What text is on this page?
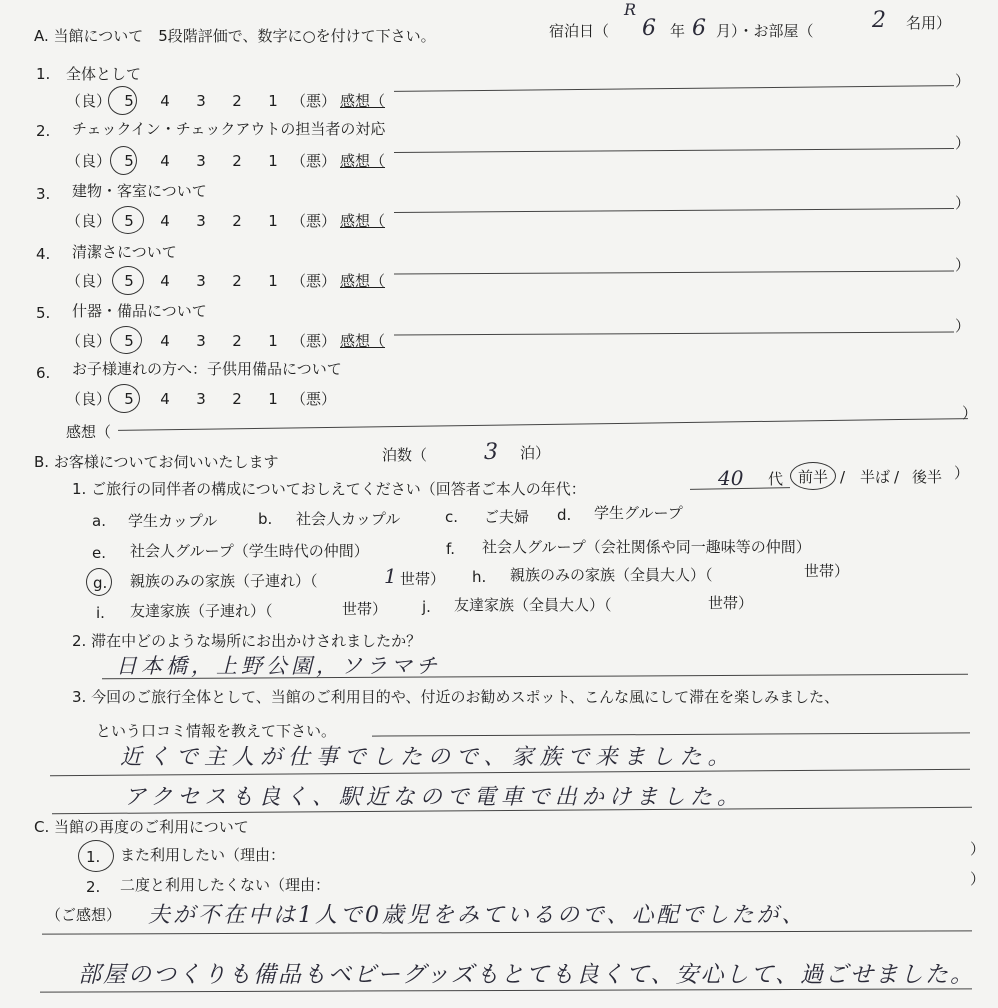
A. 当館について　5段階評価で、数字に○を付けて下さい。	宿泊日（
R
6 年 6 月）・お部屋（	2 名用）
1. 全体として
（良） 5 4 3 2 1 （悪） 感想（
）
2. チェックイン・チェックアウトの担当者の対応
（良） 5 4 3 2 1 （悪） 感想（
）
3. 建物・客室について
（良） 5 4 3 2 1 （悪） 感想（
）
4. 清潔さについて
（良） 5 4 3 2 1 （悪） 感想（
）
5. 什器・備品について
（良） 5 4 3 2 1 （悪） 感想（
）
6. お子様連れの方へ：子供用備品について
（良） 5 4 3 2 1 （悪）
感想（
）
B. お客様についてお伺いいたします	泊数（	3 泊）
1. ご旅行の同伴者の構成についておしえてください（回答者ご本人の年代：	40 代 前半 / 半ば / 後半 ）
a. 学生カップル	b. 社会人カップル	c. ご夫婦 d. 学生グループ
e. 社会人グループ（学生時代の仲間）	f. 社会人グループ（会社関係や同一趣味等の仲間）
g. 親族のみの家族（子連れ）（	1 世帯） h. 親族のみの家族（全員大人）（	世帯）
i. 友達家族（子連れ）（	世帯） j. 友達家族（全員大人）（	世帯）
2. 滞在中どのような場所にお出かけされましたか？
日本橋，上野公園，ソラマチ
3. 今回のご旅行全体として、当館のご利用目的や、付近のお勧めスポット、こんな風にして滞在を楽しみました、
という口コミ情報を教えて下さい。
近くで主人が仕事でしたので、家族で来ました。
アクセスも良く、駅近なので電車で出かけました。
C. 当館の再度のご利用について
1. また利用したい（理由：	）
2. 二度と利用したくない（理由：	）
（ご感想） 夫が不在中は1人で0歳児をみているので、心配でしたが、
部屋のつくりも備品もベビーグッズもとても良くて、安心して、過ごせました。
